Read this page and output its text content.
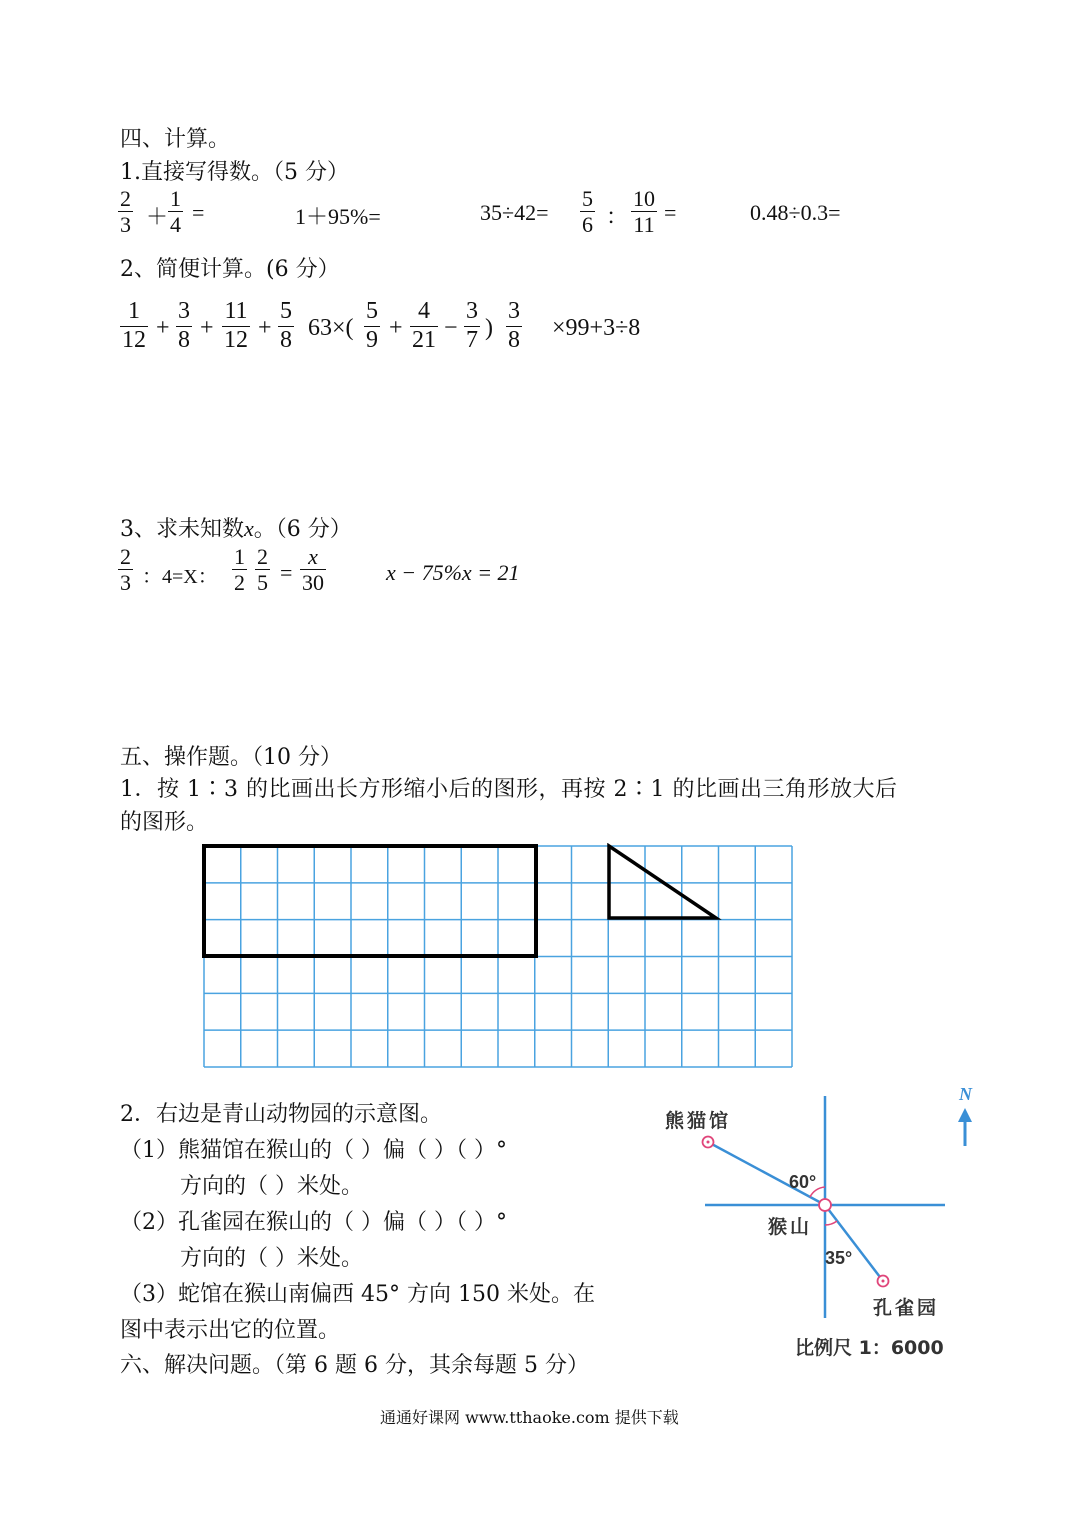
四、计算。
1.直接写得数。（5 分）
$\frac{2}{3} + \frac{1}{4}$ =	1＋95%=	$35\div 42= \frac{5}{6}$ ： $\frac{10}{11}$ =	0.48÷0.3=
2、简便计算。(6 分）
$\frac{1}{12} + \frac{3}{8} + \frac{11}{12} + \frac{5}{8} 63\times( \frac{5}{9} + \frac{4}{21} - \frac{3}{7}$ ) $\frac{3}{8} \times 99+3\div 8$
3、求未知数x。（6 分）
$\frac{2}{3}$ ：4=X： $\frac{1}{2} \frac{2}{5} = \frac{x}{30}$	x − 75%x = 21
五、操作题。（10 分）
1．按 1∶3 的比画出长方形缩小后的图形，再按 2∶1 的比画出三角形放大后
的图形。
2．右边是青山动物园的示意图。
（1）熊猫馆在猴山的（ ）偏（ ）（ ）°
方向的（ ）米处。
（2）孔雀园在猴山的（ ）偏（ ）（ ）°
方向的（ ）米处。
（3）蛇馆在猴山南偏西 45° 方向 150 米处。在
图中表示出它的位置。
熊猫馆
60°
猴山
35°
孔雀园
比例尺 1：6000
N
六、解决问题。（第 6 题 6 分，其余每题 5 分）
通通好课网 www.tthaoke.com 提供下载
